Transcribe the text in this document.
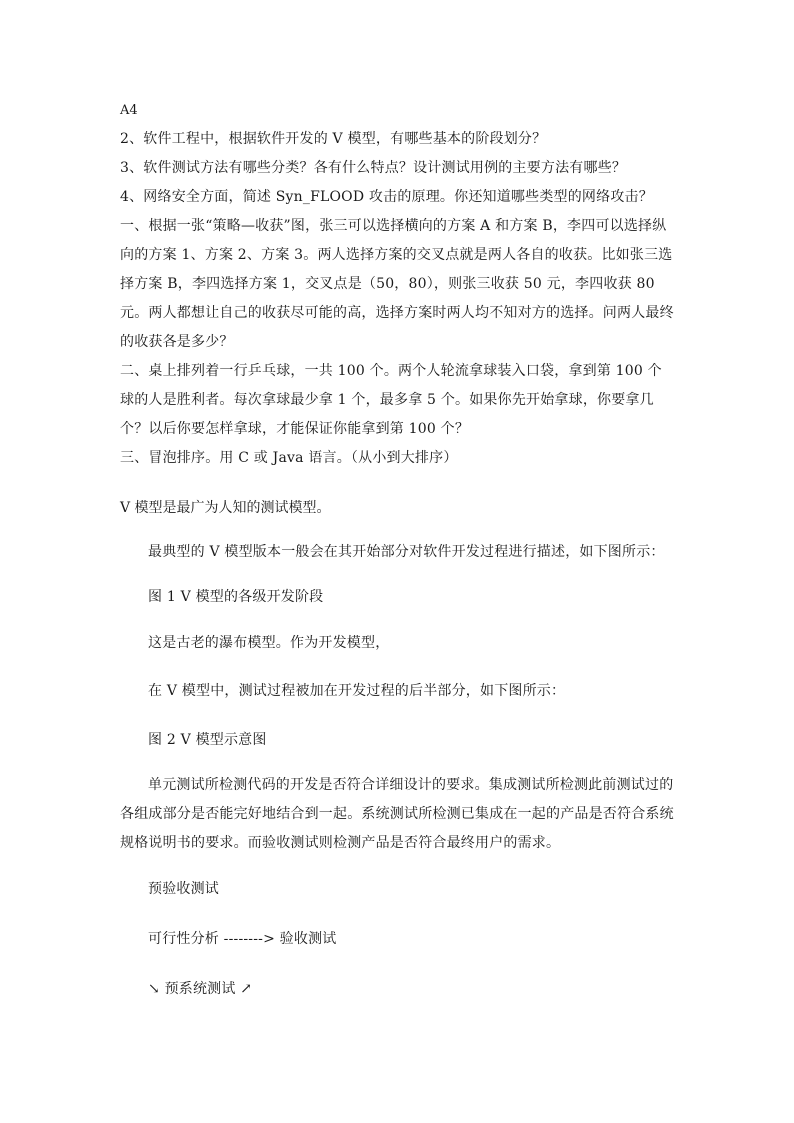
A4

2、软件工程中，根据软件开发的 V 模型，有哪些基本的阶段划分？

3、软件测试方法有哪些分类？各有什么特点？设计测试用例的主要方法有哪些？

4、网络安全方面，简述 Syn_FLOOD 攻击的原理。你还知道哪些类型的网络攻击？

一、根据一张“策略—收获”图，张三可以选择横向的方案 A 和方案 B，李四可以选择纵向的方案 1、方案 2、方案 3。两人选择方案的交叉点就是两人各自的收获。比如张三选择方案 B，李四选择方案 1，交叉点是（50，80），则张三收获 50 元，李四收获 80 元。两人都想让自己的收获尽可能的高，选择方案时两人均不知对方的选择。问两人最终的收获各是多少？

二、桌上排列着一行乒乓球，一共 100 个。两个人轮流拿球装入口袋，拿到第 100 个球的人是胜利者。每次拿球最少拿 1 个，最多拿 5 个。如果你先开始拿球，你要拿几个？以后你要怎样拿球，才能保证你能拿到第 100 个？

三、冒泡排序。用 C 或 Java 语言。（从小到大排序）

V 模型是最广为人知的测试模型。

最典型的 V 模型版本一般会在其开始部分对软件开发过程进行描述，如下图所示：

图 1 V 模型的各级开发阶段

这是古老的瀑布模型。作为开发模型，

在 V 模型中，测试过程被加在开发过程的后半部分，如下图所示：

图 2 V 模型示意图

单元测试所检测代码的开发是否符合详细设计的要求。集成测试所检测此前测试过的各组成部分是否能完好地结合到一起。系统测试所检测已集成在一起的产品是否符合系统规格说明书的要求。而验收测试则检测产品是否符合最终用户的需求。

预验收测试

可行性分析 --------> 验收测试

↘ 预系统测试 ↗
